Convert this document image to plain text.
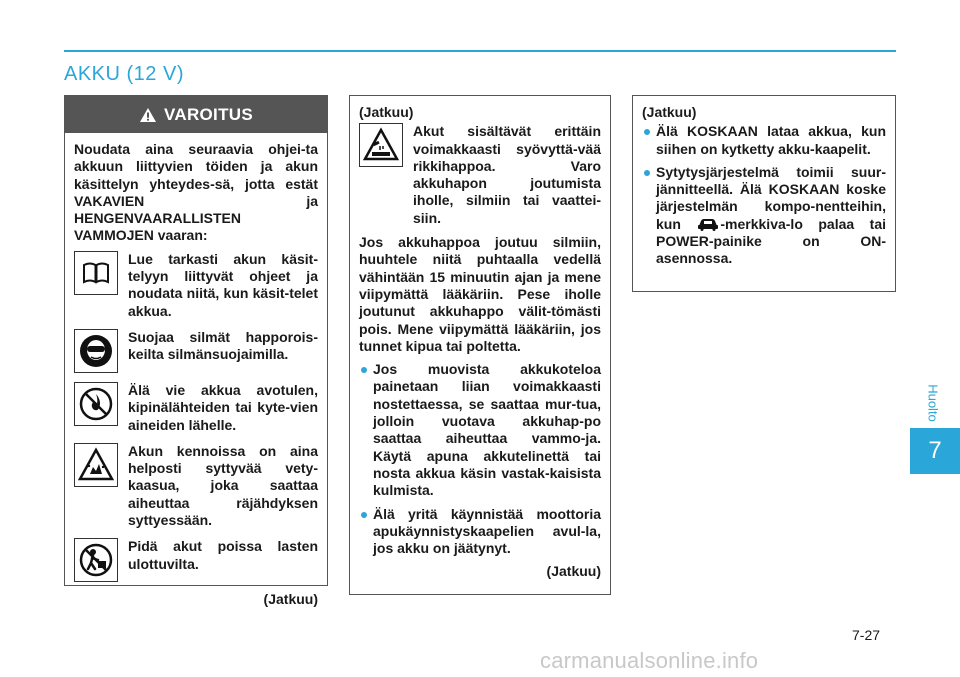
AKKU (12 V)
Huolto
7
VAROITUS

Noudata aina seuraavia ohjei-ta akkuun liittyvien töiden ja akun käsittelyn yhteydes-sä, jotta estät VAKAVIEN ja HENGENVAARALLISTEN VAMMOJEN vaaran:

Lue tarkasti akun käsit-telyyn liittyvät ohjeet ja noudata niitä, kun käsit-telet akkua.

Suojaa silmät happorois-keilta silmänsuojaimilla.

Älä vie akkua avotulen, kipinälähteiden tai kyte-vien aineiden lähelle.

Akun kennoissa on aina helposti syttyvää vety-kaasua, joka saattaa aiheuttaa räjähdyksen syttyessään.

Pidä akut poissa lasten ulottuvilta.

(Jatkuu)

(Jatkuu)

Akut sisältävät erittäin voimakkaasti syövyttä-vää rikkihappoa. Varo akkuhapon joutumista iholle, silmiin tai vaattei-siin.

Jos akkuhappoa joutuu silmiin, huuhtele niitä puhtaalla vedellä vähintään 15 minuutin ajan ja mene viipymättä lääkäriin. Pese iholle joutunut akkuhappo välit-tömästi pois. Mene viipymättä lääkäriin, jos tunnet kipua tai poltetta.

Jos muovista akkukoteloa painetaan liian voimakkaasti nostettaessa, se saattaa mur-tua, jolloin vuotava akkuhap-po saattaa aiheuttaa vammo-ja. Käytä apuna akkutelinettä tai nosta akkua käsin vastak-kaisista kulmista.
Älä yritä käynnistää moottoria apukäynnistyskaapelien avul-la, jos akku on jäätynyt.

(Jatkuu)

(Jatkuu)

Älä KOSKAAN lataa akkua, kun siihen on kytketty akku-kaapelit.
Sytytysjärjestelmä toimii suur-jännitteellä. Älä KOSKAAN koske järjestelmän kompo-nentteihin, kun	-merkkiva-lo palaa tai POWER-painike on ON-asennossa.
7-27
carmanualsonline.info
